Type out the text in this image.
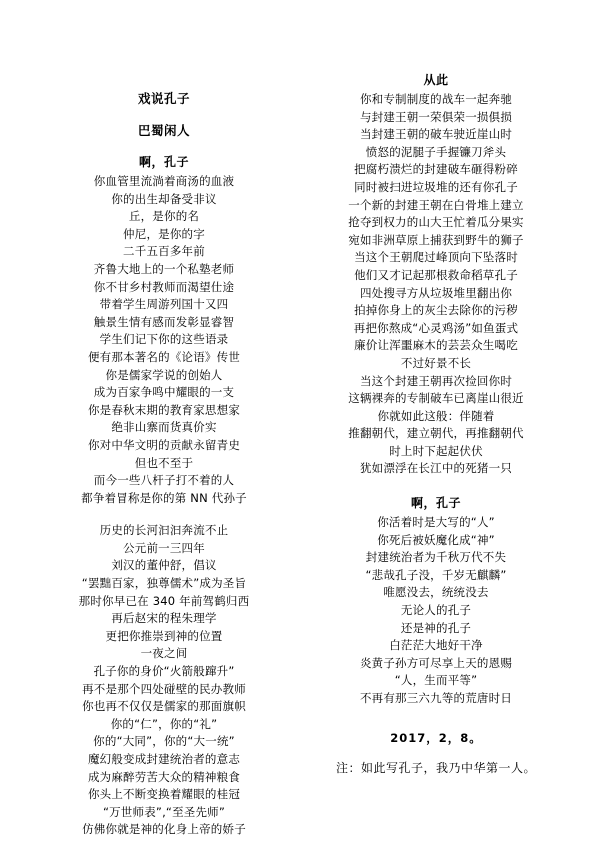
戏说孔子
巴蜀闲人
啊，孔子
你血管里流淌着商汤的血液
你的出生却备受非议
丘，是你的名
仲尼，是你的字
二千五百多年前
齐鲁大地上的一个私塾老师
你不甘乡村教师而渴望仕途
带着学生周游列国十又四
触景生情有感而发彰显睿智
学生们记下你的这些语录
便有那本著名的《论语》传世
你是儒家学说的创始人
成为百家争鸣中耀眼的一支
你是春秋末期的教育家思想家
绝非山寨而货真价实
你对中华文明的贡献永留青史
但也不至于
而今一些八杆子打不着的人
都争着冒称是你的第 NN 代孙子
历史的长河汩汩奔流不止
公元前一三四年
刘汉的董仲舒，倡议
“罢黜百家，独尊儒术”成为圣旨
那时你早已在 340 年前驾鹤归西
再后赵宋的程朱理学
更把你推崇到神的位置
一夜之间
孔子你的身价“火箭般蹿升”
再不是那个四处碰壁的民办教师
你也再不仅仅是儒家的那面旗帜
你的“仁”，你的“礼”
你的“大同”，你的“大一统”
魔幻般变成封建统治者的意志
成为麻醉劳苦大众的精神粮食
你头上不断变换着耀眼的桂冠
“万世师表”,“至圣先师”
仿佛你就是神的化身上帝的娇子
从此
你和专制制度的战车一起奔驰
与封建王朝一荣俱荣一损俱损
当封建王朝的破车驶近崖山时
愤怒的泥腿子手握镰刀斧头
把腐朽溃烂的封建破车砸得粉碎
同时被扫进垃圾堆的还有你孔子
一个新的封建王朝在白骨堆上建立
抢夺到权力的山大王忙着瓜分果实
宛如非洲草原上捕获到野牛的狮子
当这个王朝爬过峰顶向下坠落时
他们又才记起那根救命稻草孔子
四处搜寻方从垃圾堆里翻出你
拍掉你身上的灰尘去除你的污秽
再把你熬成“心灵鸡汤”如鱼蛋式
廉价让浑噩麻木的芸芸众生喝吃
不过好景不长
当这个封建王朝再次捡回你时
这辆裸奔的专制破车已离崖山很近
你就如此这般：伴随着
推翻朝代，建立朝代，再推翻朝代
时上时下起起伏伏
犹如漂浮在长江中的死猪一只
啊，孔子
你活着时是大写的“人”
你死后被妖魔化成“神”
封建统治者为千秋万代不失
“悲哉孔子没，千岁无麒麟”
唯愿没去，统统没去
无论人的孔子
还是神的孔子
白茫茫大地好干净
炎黄子孙方可尽享上天的恩赐
“人，生而平等”
不再有那三六九等的荒唐时日
2017，2，8。
注：如此写孔子，我乃中华第一人。
